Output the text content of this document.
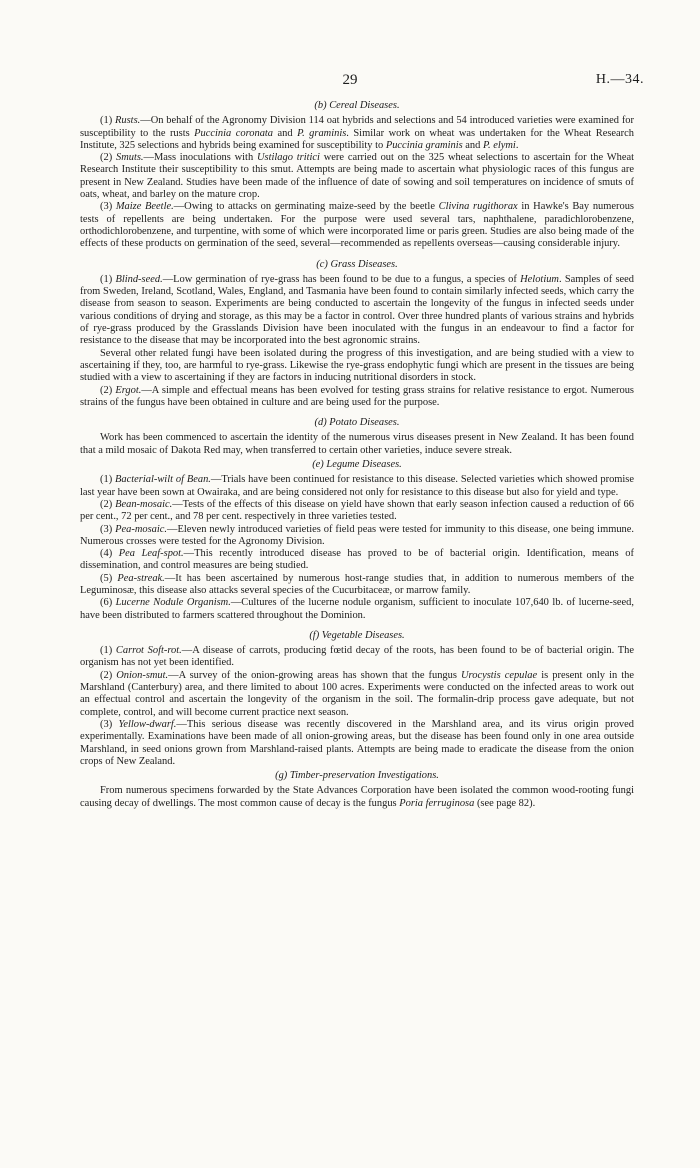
29	H.—34.
(b) Cereal Diseases.

(1) Rusts.—On behalf of the Agronomy Division 114 oat hybrids and selections and 54 introduced varieties were examined for susceptibility to the rusts Puccinia coronata and P. graminis. Similar work on wheat was undertaken for the Wheat Research Institute, 325 selections and hybrids being examined for susceptibility to Puccinia graminis and P. elymi.

(2) Smuts.—Mass inoculations with Ustilago tritici were carried out on the 325 wheat selections to ascertain for the Wheat Research Institute their susceptibility to this smut. Attempts are being made to ascertain what physiologic races of this fungus are present in New Zealand. Studies have been made of the influence of date of sowing and soil temperatures on incidence of smuts of oats, wheat, and barley on the mature crop.

(3) Maize Beetle.—Owing to attacks on germinating maize-seed by the beetle Clivina rugithorax in Hawke's Bay numerous tests of repellents are being undertaken. For the purpose were used several tars, naphthalene, paradichlorobenzene, orthodichlorobenzene, and turpentine, with some of which were incorporated lime or paris green. Studies are also being made of the effects of these products on germination of the seed, several—recommended as repellents overseas—causing considerable injury.

(c) Grass Diseases.

(1) Blind-seed.—Low germination of rye-grass has been found to be due to a fungus, a species of Helotium. Samples of seed from Sweden, Ireland, Scotland, Wales, England, and Tasmania have been found to contain similarly infected seeds, which carry the disease from season to season. Experiments are being conducted to ascertain the longevity of the fungus in infected seeds under various conditions of drying and storage, as this may be a factor in control. Over three hundred plants of various strains and hybrids of rye-grass produced by the Grasslands Division have been inoculated with the fungus in an endeavour to find a factor for resistance to the disease that may be incorporated into the best agronomic strains.

Several other related fungi have been isolated during the progress of this investigation, and are being studied with a view to ascertaining if they, too, are harmful to rye-grass. Likewise the rye-grass endophytic fungi which are present in the tissues are being studied with a view to ascertaining if they are factors in inducing nutritional disorders in stock.

(2) Ergot.—A simple and effectual means has been evolved for testing grass strains for relative resistance to ergot. Numerous strains of the fungus have been obtained in culture and are being used for the purpose.

(d) Potato Diseases.

Work has been commenced to ascertain the identity of the numerous virus diseases present in New Zealand. It has been found that a mild mosaic of Dakota Red may, when transferred to certain other varieties, induce severe streak.

(e) Legume Diseases.

(1) Bacterial-wilt of Bean.—Trials have been continued for resistance to this disease. Selected varieties which showed promise last year have been sown at Owairaka, and are being considered not only for resistance to this disease but also for yield and type.

(2) Bean-mosaic.—Tests of the effects of this disease on yield have shown that early season infection caused a reduction of 66 per cent., 72 per cent., and 78 per cent. respectively in three varieties tested.

(3) Pea-mosaic.—Eleven newly introduced varieties of field peas were tested for immunity to this disease, one being immune. Numerous crosses were tested for the Agronomy Division.

(4) Pea Leaf-spot.—This recently introduced disease has proved to be of bacterial origin. Identification, means of dissemination, and control measures are being studied.

(5) Pea-streak.—It has been ascertained by numerous host-range studies that, in addition to numerous members of the Leguminosæ, this disease also attacks several species of the Cucurbitaceæ, or marrow family.

(6) Lucerne Nodule Organism.—Cultures of the lucerne nodule organism, sufficient to inoculate 107,640 lb. of lucerne-seed, have been distributed to farmers scattered throughout the Dominion.

(f) Vegetable Diseases.

(1) Carrot Soft-rot.—A disease of carrots, producing fœtid decay of the roots, has been found to be of bacterial origin. The organism has not yet been identified.

(2) Onion-smut.—A survey of the onion-growing areas has shown that the fungus Urocystis cepulae is present only in the Marshland (Canterbury) area, and there limited to about 100 acres. Experiments were conducted on the infected areas to work out an effectual control and ascertain the longevity of the organism in the soil. The formalin-drip process gave adequate, but not complete, control, and will become current practice next season.

(3) Yellow-dwarf.—This serious disease was recently discovered in the Marshland area, and its virus origin proved experimentally. Examinations have been made of all onion-growing areas, but the disease has been found only in one area outside Marshland, in seed onions grown from Marshland-raised plants. Attempts are being made to eradicate the disease from the onion crops of New Zealand.

(g) Timber-preservation Investigations.

From numerous specimens forwarded by the State Advances Corporation have been isolated the common wood-rooting fungi causing decay of dwellings. The most common cause of decay is the fungus Poria ferruginosa (see page 82).
